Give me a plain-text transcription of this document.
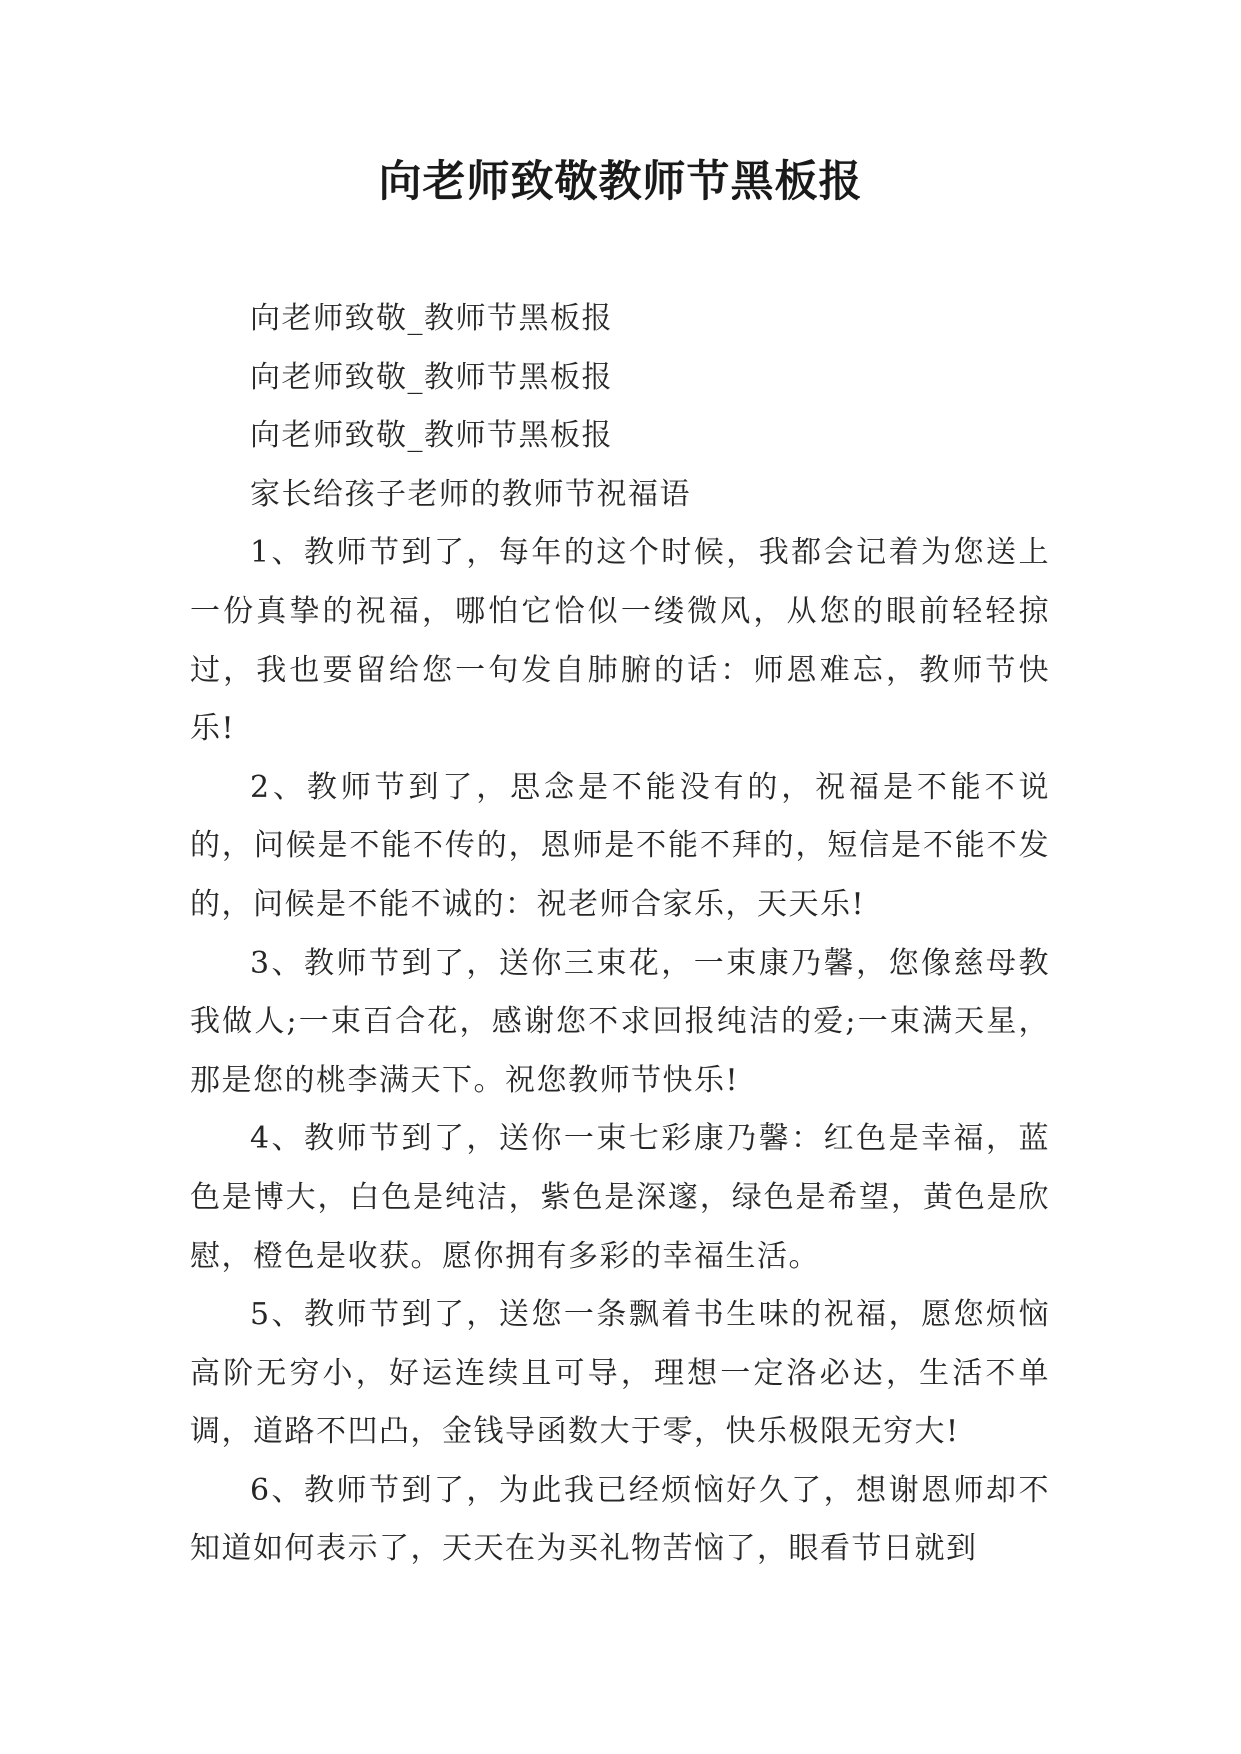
向老师致敬教师节黑板报

向老师致敬_教师节黑板报

向老师致敬_教师节黑板报

向老师致敬_教师节黑板报

家长给孩子老师的教师节祝福语

1、教师节到了，每年的这个时候，我都会记着为您送上一份真挚的祝福，哪怕它恰似一缕微风，从您的眼前轻轻掠过，我也要留给您一句发自肺腑的话：师恩难忘，教师节快乐!

2、教师节到了，思念是不能没有的，祝福是不能不说的，问候是不能不传的，恩师是不能不拜的，短信是不能不发的，问候是不能不诚的：祝老师合家乐，天天乐!

3、教师节到了，送你三束花，一束康乃馨，您像慈母教我做人;一束百合花，感谢您不求回报纯洁的爱;一束满天星，那是您的桃李满天下。祝您教师节快乐!

4、教师节到了，送你一束七彩康乃馨：红色是幸福，蓝色是博大，白色是纯洁，紫色是深邃，绿色是希望，黄色是欣慰，橙色是收获。愿你拥有多彩的幸福生活。

5、教师节到了，送您一条飘着书生味的祝福，愿您烦恼高阶无穷小，好运连续且可导，理想一定洛必达，生活不单调，道路不凹凸，金钱导函数大于零，快乐极限无穷大!

6、教师节到了，为此我已经烦恼好久了，想谢恩师却不知道如何表示了，天天在为买礼物苦恼了，眼看节日就到
